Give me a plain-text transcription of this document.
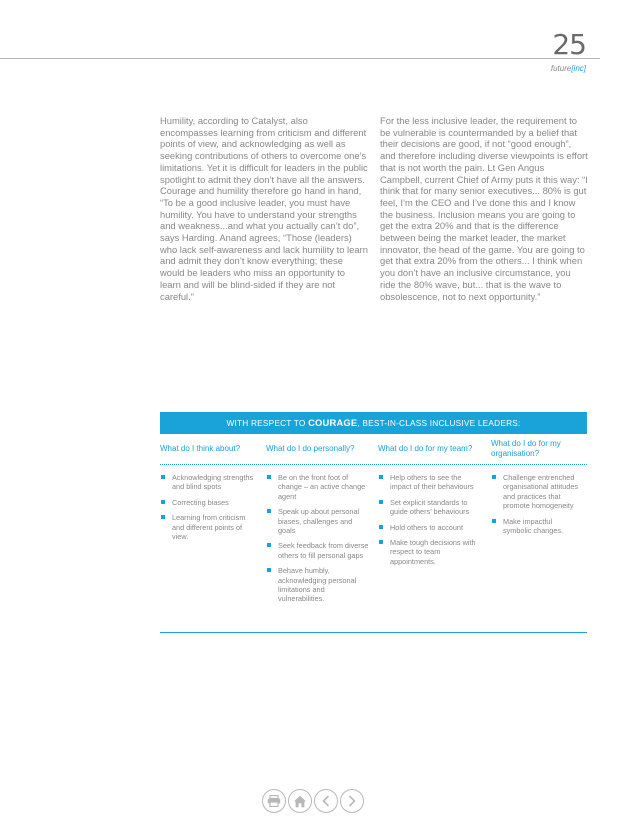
25
future[inc]

Humility, according to Catalyst, also encompasses learning from criticism and different points of view, and acknowledging as well as seeking contributions of others to overcome one’s limitations. Yet it is difficult for leaders in the public spotlight to admit they don’t have all the answers. Courage and humility therefore go hand in hand, “To be a good inclusive leader, you must have humility. You have to understand your strengths and weakness...and what you actually can’t do”, says Harding. Anand agrees, “Those (leaders) who lack self-awareness and lack humility to learn and admit they don’t know everything; these would be leaders who miss an opportunity to learn and will be blind-sided if they are not careful.”

For the less inclusive leader, the requirement to be vulnerable is countermanded by a belief that their decisions are good, if not “good enough”, and therefore including diverse viewpoints is effort that is not worth the pain. Lt Gen Angus Campbell, current Chief of Army puts it this way: “I think that for many senior executives... 80% is gut feel, I’m the CEO and I’ve done this and I know the business. Inclusion means you are going to get the extra 20% and that is the difference between being the market leader, the market innovator, the head of the game. You are going to get that extra 20% from the others... I think when you don’t have an inclusive circumstance, you ride the 80% wave, but... that is the wave to obsolescence, not to next opportunity.”

WITH RESPECT TO COURAGE, BEST-IN-CLASS INCLUSIVE LEADERS:
What do I think about?	What do I do personally?	What do I do for my team?
What do I do for my organisation?
Acknowledging strengths and blind spots
Correcting biases
Learning from criticism and different points of view.
Be on the front foot of change – an active change agent
Speak up about personal biases, challenges and goals
Seek feedback from diverse others to fill personal gaps
Behave humbly, acknowledging personal limitations and vulnerabilities.
Help others to see the impact of their behaviours
Set explicit standards to guide others’ behaviours
Hold others to account
Make tough decisions with respect to team appointments.
Challenge entrenched organisational attitudes and practices that promote homogeneity
Make impactful symbolic changes.
